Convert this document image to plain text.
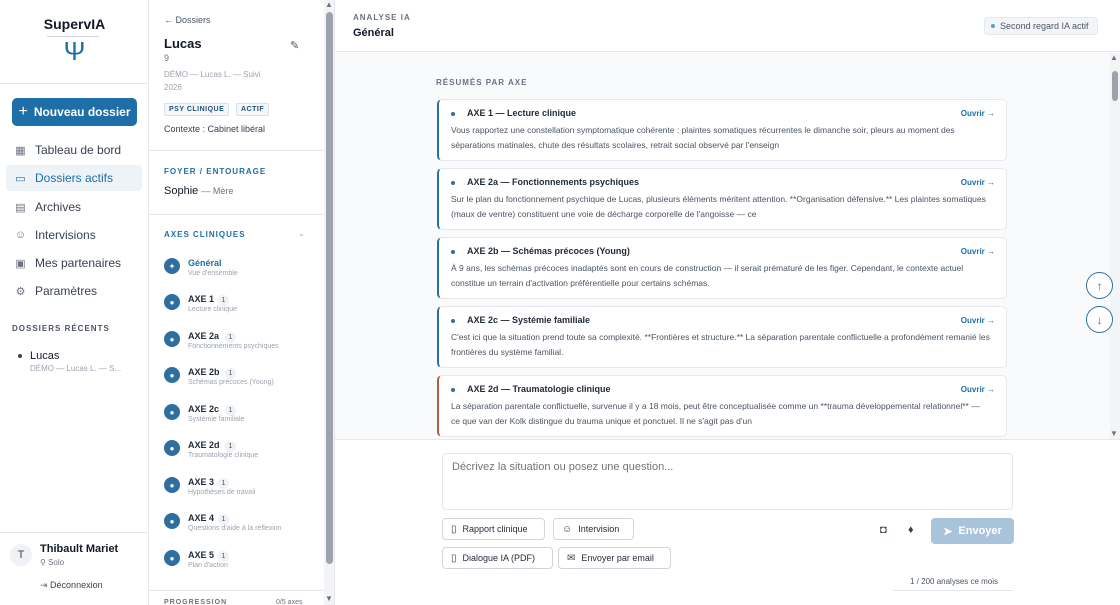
SupervIA
Ψ
+ Nouveau dossier
▦ Tableau de bord
▭ Dossiers actifs
▤ Archives
☺ Intervisions
▣ Mes partenaires
⚙ Paramètres
DOSSIERS RÉCENTS
Lucas
DÉMO — Lucas L. — S...
T	Thibault Mariet
⚲ Solo
⇥ Déconnexion
← Dossiers
Lucas
9
✎
DÉMO — Lucas L. — Suivi 2026
PSY CLINIQUE	ACTIF
Contexte : Cabinet libéral
FOYER / ENTOURAGE
Sophie — Mère
AXES CLINIQUES	⌄
✦	Général
Vue d'ensemble
●	AXE 1	1
Lecture clinique
●	AXE 2a	1
Fonctionnements psychiques
●	AXE 2b	1
Schémas précoces (Young)
●	AXE 2c	1
Systémie familiale
●	AXE 2d	1
Traumatologie clinique
●	AXE 3	1
Hypothèses de travail
●	AXE 4	1
Questions d'aide à la réflexion
●	AXE 5	1
Plan d'action
PROGRESSION	0/5 axes
▲
▼
ANALYSE IA
Général
Second regard IA actif
RÉSUMÉS PAR AXE
AXE 1 — Lecture clinique	Ouvrir →
Vous rapportez une constellation symptomatique cohérente : plaintes somatiques récurrentes le dimanche soir, pleurs au moment des séparations matinales, chute des résultats scolaires, retrait social observé par l'enseign
AXE 2a — Fonctionnements psychiques	Ouvrir →
Sur le plan du fonctionnement psychique de Lucas, plusieurs éléments méritent attention. **Organisation défensive.** Les plaintes somatiques (maux de ventre) constituent une voie de décharge corporelle de l'angoisse — ce
AXE 2b — Schémas précoces (Young)	Ouvrir →
À 9 ans, les schémas précoces inadaptés sont en cours de construction — il serait prématuré de les figer. Cependant, le contexte actuel constitue un terrain d'activation préférentielle pour certains schémas.
AXE 2c — Systémie familiale	Ouvrir →
C'est ici que la situation prend toute sa complexité. **Frontières et structure.** La séparation parentale conflictuelle a profondément remanié les frontières du système familial.
AXE 2d — Traumatologie clinique	Ouvrir →
La séparation parentale conflictuelle, survenue il y a 18 mois, peut être conceptualisée comme un **trauma développemental relationnel** — ce que van der Kolk distingue du trauma unique et ponctuel. Il ne s'agit pas d'un
▲
▼
↑
↓
Décrivez la situation ou posez une question...
▯ Rapport clinique	☺ Intervision
▯ Dialogue IA (PDF)	✉ Envoyer par email
◘ ♦	➤ Envoyer
1 / 200 analyses ce mois
